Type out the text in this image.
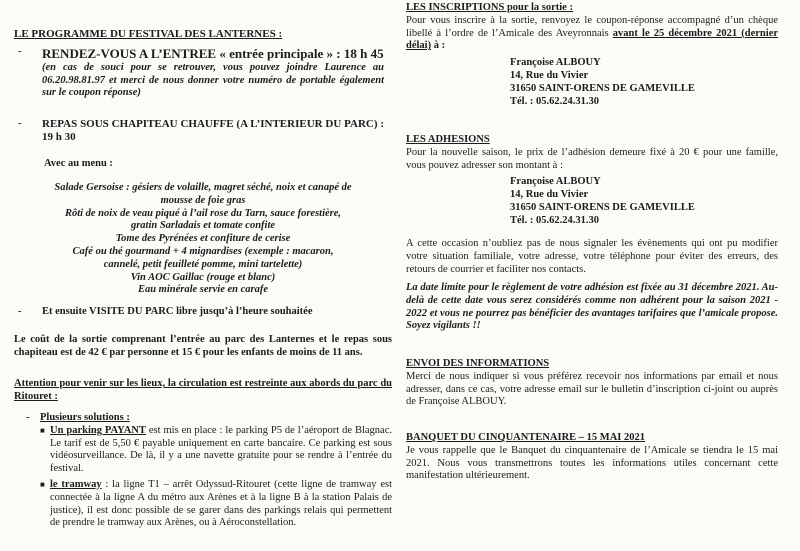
LE PROGRAMME DU FESTIVAL DES LANTERNES :
-	RENDEZ-VOUS A L’ENTREE « entrée principale » : 18 h 45
(en cas de souci pour se retrouver, vous pouvez joindre Laurence au 06.20.98.81.97 et merci de nous donner votre numéro de portable également sur le coupon réponse)
-	REPAS SOUS CHAPITEAU CHAUFFE (A L’INTERIEUR DU PARC) : 19 h 30
Avec au menu :
Salade Gersoise : gésiers de volaille, magret séché, noix et canapé de
mousse de foie gras
Rôti de noix de veau piqué à l’ail rose du Tarn, sauce forestière,
gratin Sarladais et tomate confite
Tome des Pyrénées et confiture de cerise
Café ou thé gourmand + 4 mignardises (exemple : macaron,
cannelé, petit feuilleté pomme, mini tartelette)
Vin AOC Gaillac (rouge et blanc)
Eau minérale servie en carafe
-	Et ensuite VISITE DU PARC libre jusqu’à l’heure souhaitée
Le coût de la sortie comprenant l’entrée au parc des Lanternes et le repas sous chapiteau est de 42 € par personne et 15 € pour les enfants de moins de 11 ans.
Attention pour venir sur les lieux, la circulation est restreinte aux abords du parc du Ritouret :
- Plusieurs solutions :
■ Un parking PAYANT est mis en place : le parking P5 de l’aéroport de Blagnac. Le tarif est de 5,50 € payable uniquement en carte bancaire. Ce parking est sous vidéosurveillance. De là, il y a une navette gratuite pour se rendre à l’entrée du festival.
■ le tramway : la ligne T1 – arrêt Odyssud-Ritouret (cette ligne de tramway est connectée à la ligne A du métro aux Arènes et à la ligne B à la station Palais de justice), il est donc possible de se garer dans des parkings relais qui permettent de prendre le tramway aux Arènes, ou à Aéroconstellation.
LES INSCRIPTIONS pour la sortie :
Pour vous inscrire à la sortie, renvoyez le coupon-réponse accompagné d’un chèque libellé à l’ordre de l’Amicale des Aveyronnais avant le 25 décembre 2021 (dernier délai) à :
Françoise ALBOUY
14, Rue du Vivier
31650 SAINT-ORENS DE GAMEVILLE
Tél. : 05.62.24.31.30
LES ADHESIONS
Pour la nouvelle saison, le prix de l’adhésion demeure fixé à 20 € pour une famille, vous pouvez adresser son montant à :
Françoise ALBOUY
14, Rue du Vivier
31650 SAINT-ORENS DE GAMEVILLE
Tél. : 05.62.24.31.30
A cette occasion n’oubliez pas de nous signaler les évènements qui ont pu modifier votre situation familiale, votre adresse, votre téléphone pour éviter des erreurs, des retours de courrier et faciliter nos contacts.
La date limite pour le règlement de votre adhésion est fixée au 31 décembre 2021. Au-delà de cette date vous serez considérés comme non adhérent pour la saison 2021 - 2022 et vous ne pourrez pas bénéficier des avantages tarifaires que l’amicale propose. Soyez vigilants !!
ENVOI DES INFORMATIONS
Merci de nous indiquer si vous préférez recevoir nos informations par email et nous adresser, dans ce cas, votre adresse email sur le bulletin d’inscription ci-joint ou auprès de Françoise ALBOUY.
BANQUET DU CINQUANTENAIRE – 15 MAI 2021
Je vous rappelle que le Banquet du cinquantenaire de l’Amicale se tiendra le 15 mai 2021. Nous vous transmettrons toutes les informations utiles concernant cette manifestation ultérieurement.
